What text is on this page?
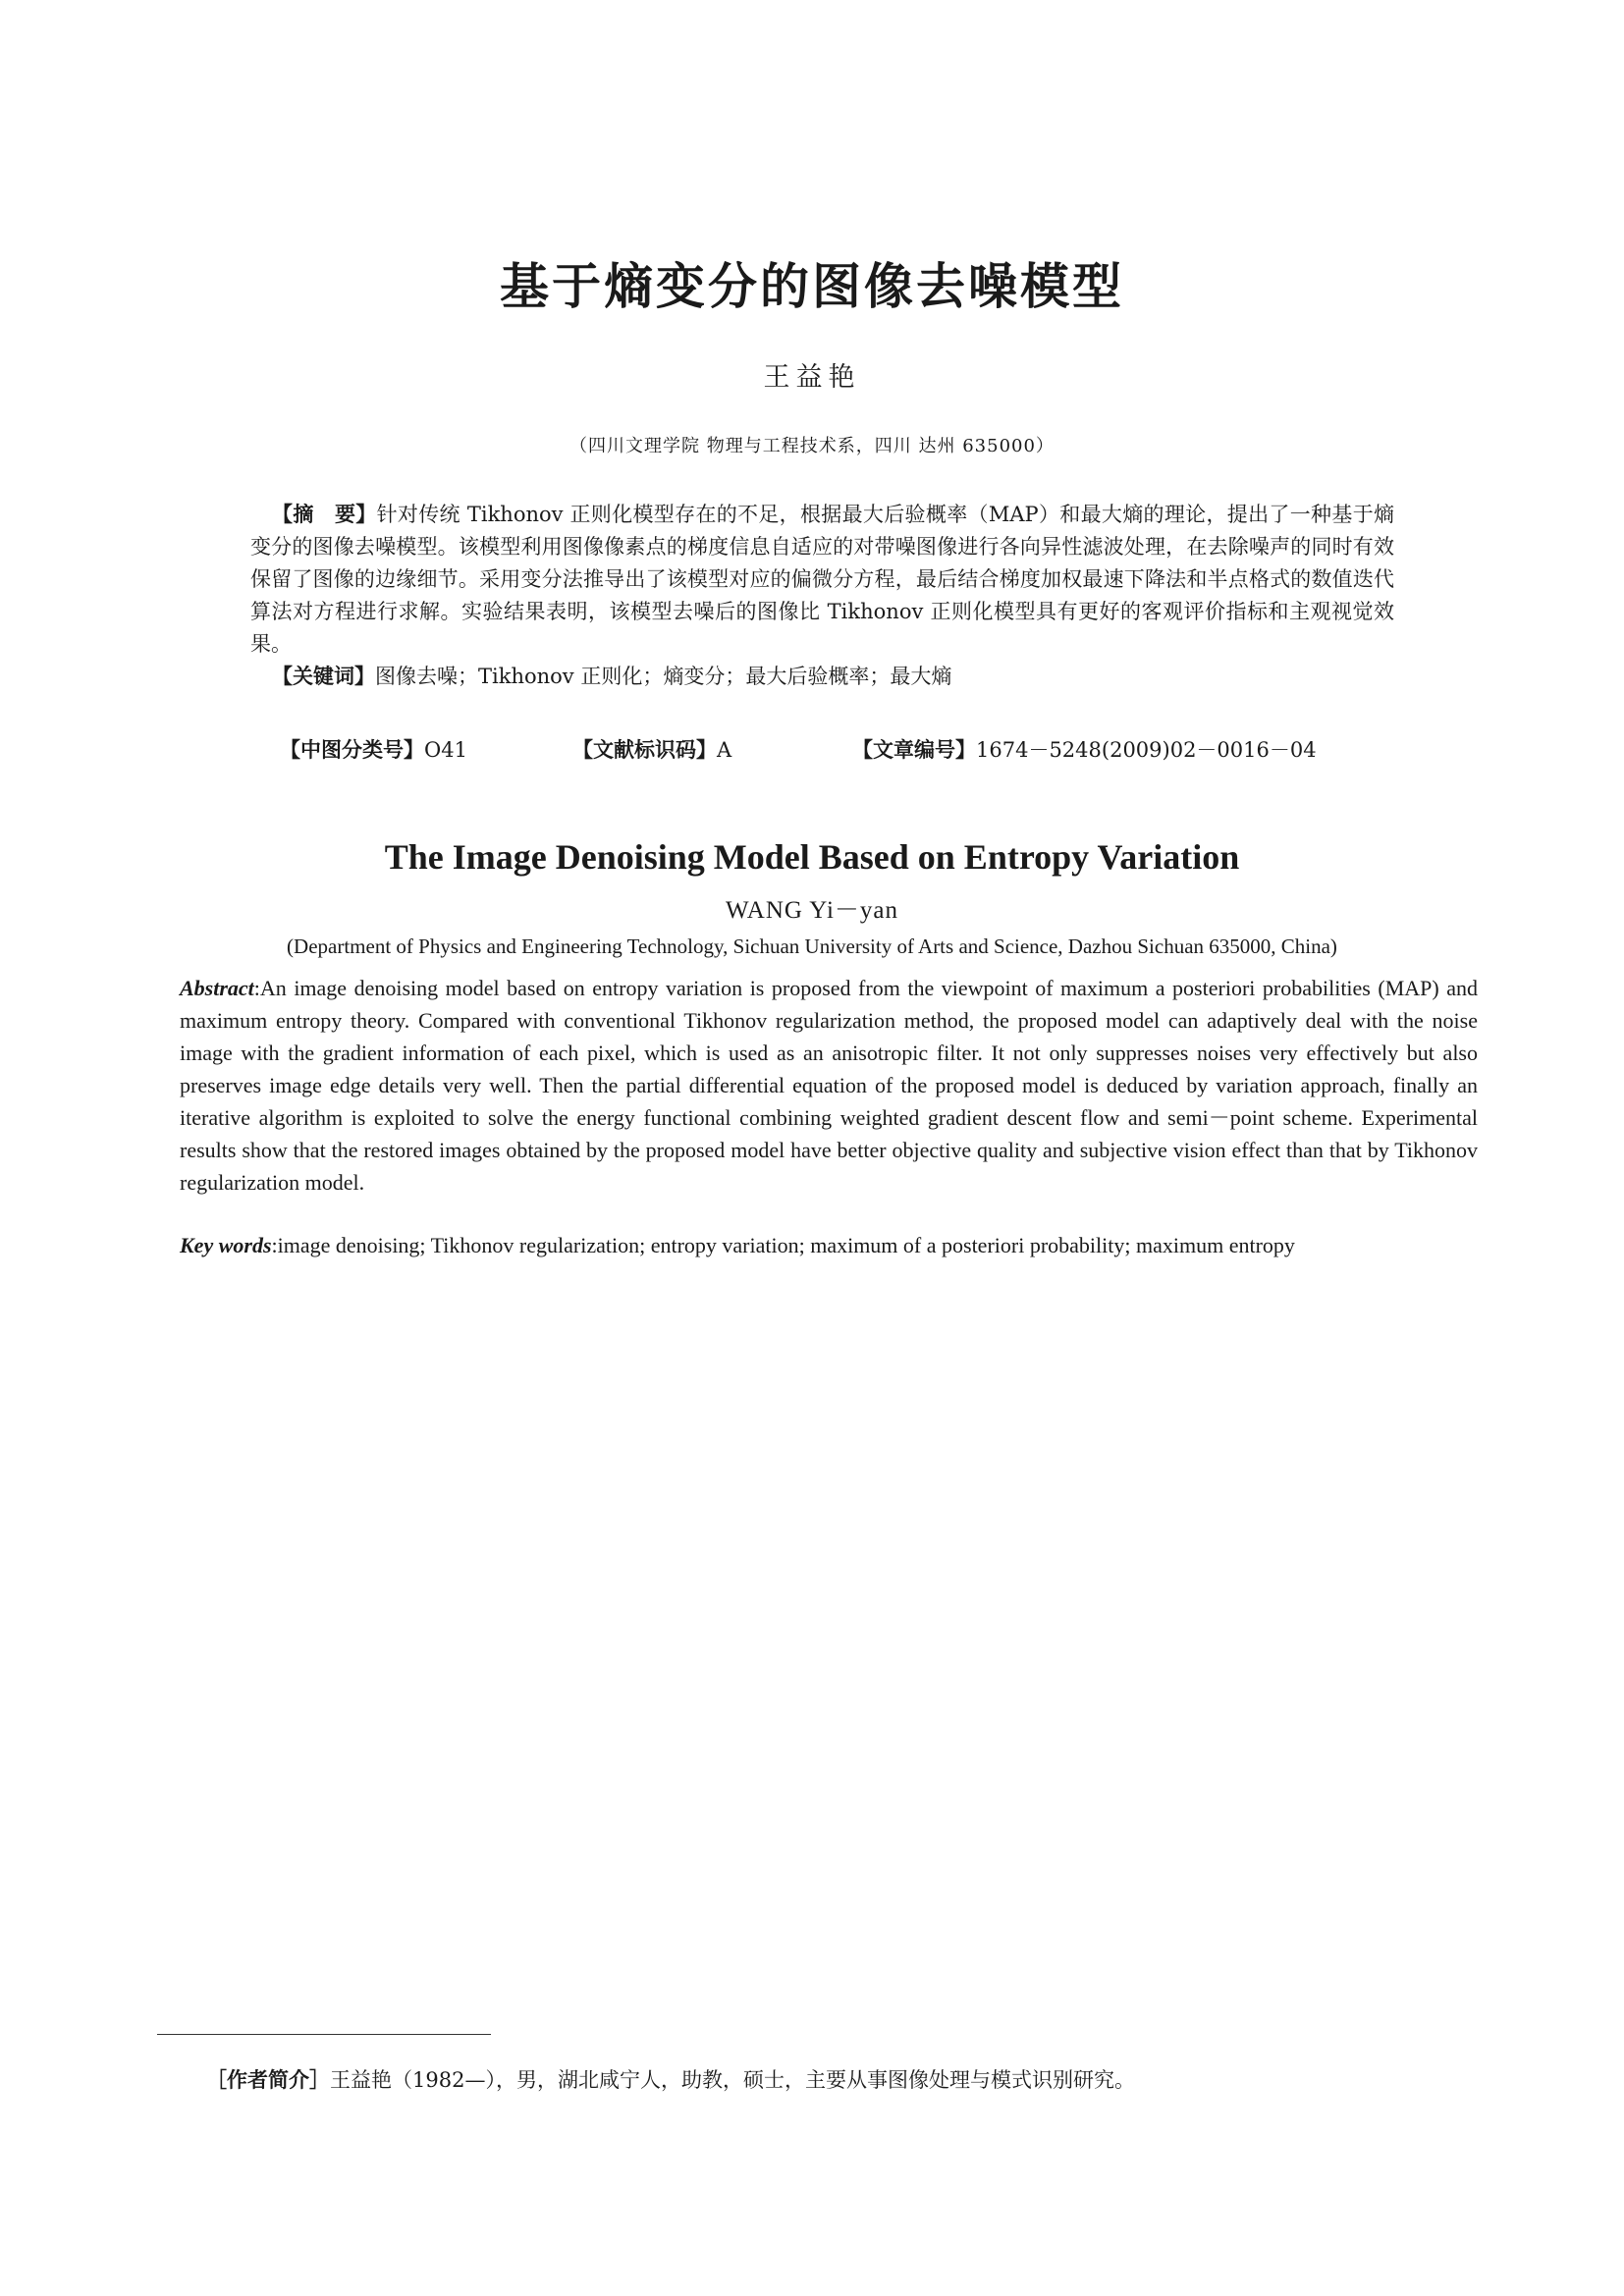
基于熵变分的图像去噪模型
王益艳
（四川文理学院 物理与工程技术系，四川 达州 635000）
【摘　要】针对传统 Tikhonov 正则化模型存在的不足，根据最大后验概率（MAP）和最大熵的理论，提出了一种基于熵变分的图像去噪模型。该模型利用图像像素点的梯度信息自适应的对带噪图像进行各向异性滤波处理，在去除噪声的同时有效保留了图像的边缘细节。采用变分法推导出了该模型对应的偏微分方程，最后结合梯度加权最速下降法和半点格式的数值迭代算法对方程进行求解。实验结果表明，该模型去噪后的图像比 Tikhonov 正则化模型具有更好的客观评价指标和主观视觉效果。
【关键词】图像去噪；Tikhonov 正则化；熵变分；最大后验概率；最大熵
【中图分类号】O41	【文献标识码】A	【文章编号】1674－5248(2009)02－0016－04
The Image Denoising Model Based on Entropy Variation
WANG Yi－yan
(Department of Physics and Engineering Technology, Sichuan University of Arts and Science, Dazhou Sichuan 635000, China)
Abstract:An image denoising model based on entropy variation is proposed from the viewpoint of maximum a posteriori probabilities (MAP) and maximum entropy theory. Compared with conventional Tikhonov regularization method, the proposed model can adaptively deal with the noise image with the gradient information of each pixel, which is used as an anisotropic filter. It not only suppresses noises very effectively but also preserves image edge details very well. Then the partial differential equation of the proposed model is deduced by variation approach, finally an iterative algorithm is exploited to solve the energy functional combining weighted gradient descent flow and semi－point scheme. Experimental results show that the restored images obtained by the proposed model have better objective quality and subjective vision effect than that by Tikhonov regularization model.
Key words:image denoising; Tikhonov regularization; entropy variation; maximum of a posteriori probability; maximum entropy
［作者简介］王益艳（1982—），男，湖北咸宁人，助教，硕士，主要从事图像处理与模式识别研究。
